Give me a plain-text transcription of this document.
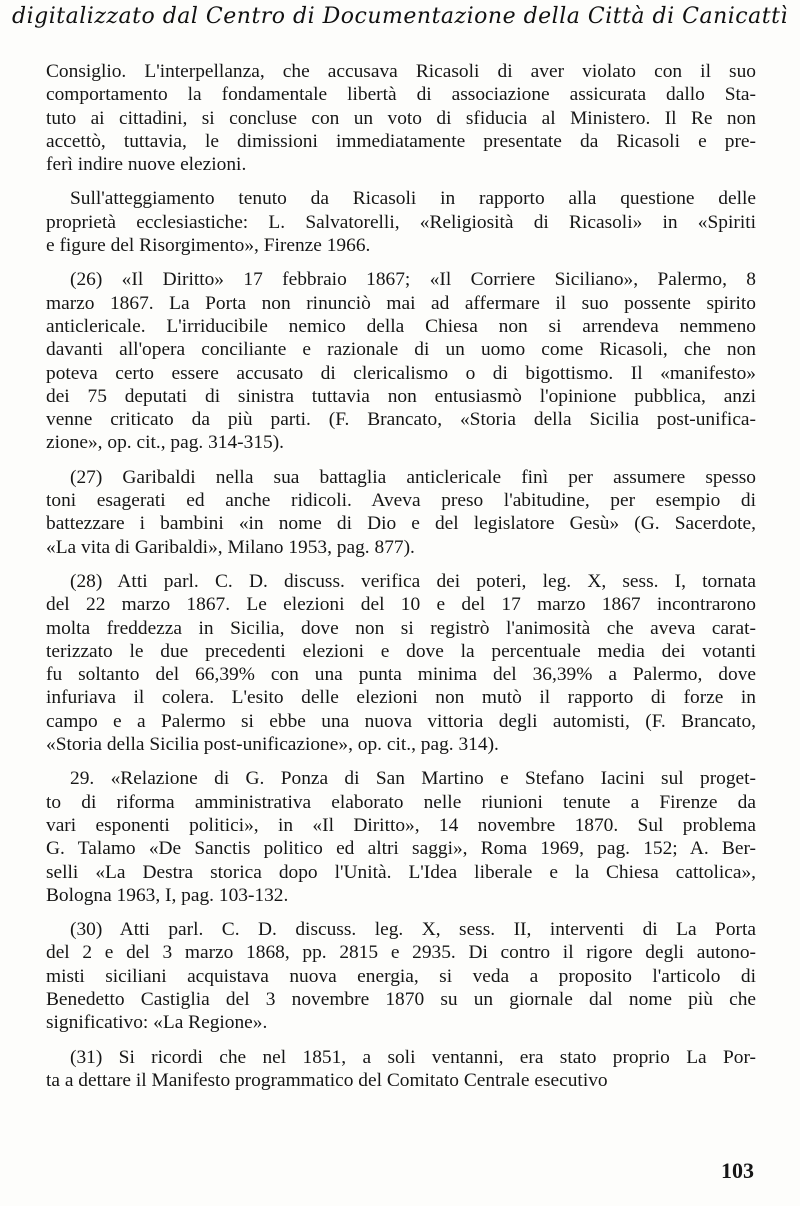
digitalizzato dal Centro di Documentazione della Città di Canicattì
Consiglio. L'interpellanza, che accusava Ricasoli di aver violato con il suo
comportamento la fondamentale libertà di associazione assicurata dallo Sta-
tuto ai cittadini, si concluse con un voto di sfiducia al Ministero. Il Re non
accettò, tuttavia, le dimissioni immediatamente presentate da Ricasoli e pre-
ferì indire nuove elezioni.
Sull'atteggiamento tenuto da Ricasoli in rapporto alla questione delle
proprietà ecclesiastiche: L. Salvatorelli, «Religiosità di Ricasoli» in «Spiriti
e figure del Risorgimento», Firenze 1966.
(26) «Il Diritto» 17 febbraio 1867; «Il Corriere Siciliano», Palermo, 8
marzo 1867. La Porta non rinunciò mai ad affermare il suo possente spirito
anticlericale. L'irriducibile nemico della Chiesa non si arrendeva nemmeno
davanti all'opera conciliante e razionale di un uomo come Ricasoli, che non
poteva certo essere accusato di clericalismo o di bigottismo. Il «manifesto»
dei 75 deputati di sinistra tuttavia non entusiasmò l'opinione pubblica, anzi
venne criticato da più parti. (F. Brancato, «Storia della Sicilia post-unifica-
zione», op. cit., pag. 314-315).
(27) Garibaldi nella sua battaglia anticlericale finì per assumere spesso
toni esagerati ed anche ridicoli. Aveva preso l'abitudine, per esempio di
battezzare i bambini «in nome di Dio e del legislatore Gesù» (G. Sacerdote,
«La vita di Garibaldi», Milano 1953, pag. 877).
(28) Atti parl. C. D. discuss. verifica dei poteri, leg. X, sess. I, tornata
del 22 marzo 1867. Le elezioni del 10 e del 17 marzo 1867 incontrarono
molta freddezza in Sicilia, dove non si registrò l'animosità che aveva carat-
terizzato le due precedenti elezioni e dove la percentuale media dei votanti
fu soltanto del 66,39% con una punta minima del 36,39% a Palermo, dove
infuriava il colera. L'esito delle elezioni non mutò il rapporto di forze in
campo e a Palermo si ebbe una nuova vittoria degli automisti, (F. Brancato,
«Storia della Sicilia post-unificazione», op. cit., pag. 314).
29. «Relazione di G. Ponza di San Martino e Stefano Iacini sul proget-
to di riforma amministrativa elaborato nelle riunioni tenute a Firenze da
vari esponenti politici», in «Il Diritto», 14 novembre 1870. Sul problema
G. Talamo «De Sanctis politico ed altri saggi», Roma 1969, pag. 152; A. Ber-
selli «La Destra storica dopo l'Unità. L'Idea liberale e la Chiesa cattolica»,
Bologna 1963, I, pag. 103-132.
(30) Atti parl. C. D. discuss. leg. X, sess. II, interventi di La Porta
del 2 e del 3 marzo 1868, pp. 2815 e 2935. Di contro il rigore degli autono-
misti siciliani acquistava nuova energia, si veda a proposito l'articolo di
Benedetto Castiglia del 3 novembre 1870 su un giornale dal nome più che
significativo: «La Regione».
(31) Si ricordi che nel 1851, a soli ventanni, era stato proprio La Por-
ta a dettare il Manifesto programmatico del Comitato Centrale esecutivo
103
